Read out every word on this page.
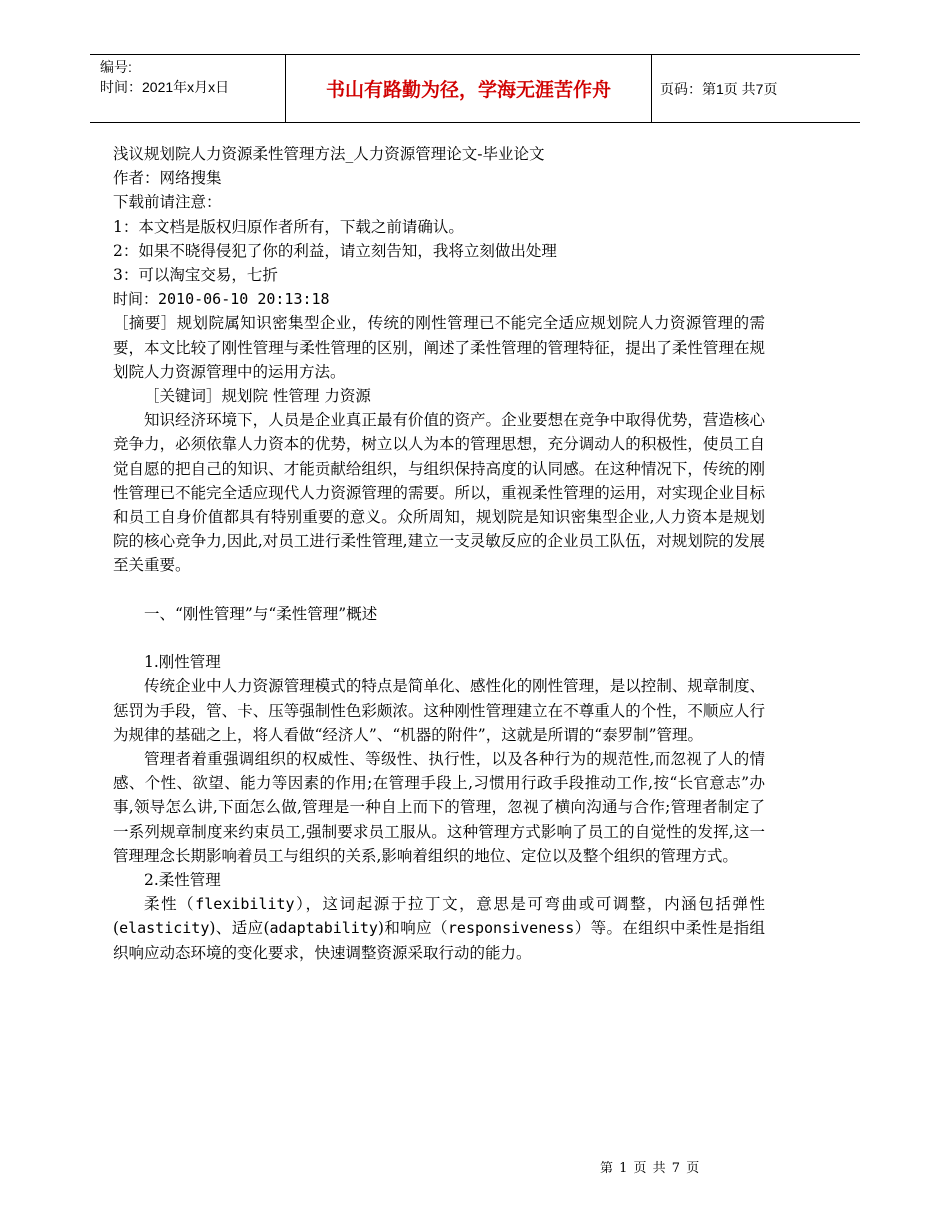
编号:
时间：2021年x月x日	书山有路勤为径，学海无涯苦作舟	页码：第1页 共7页

浅议规划院人力资源柔性管理方法_人力资源管理论文-毕业论文

作者：网络搜集

下载前请注意：

1：本文档是版权归原作者所有，下载之前请确认。

2：如果不晓得侵犯了你的利益，请立刻告知，我将立刻做出处理

3：可以淘宝交易，七折

时间：2010-06-10 20:13:18

［摘要］规划院属知识密集型企业，传统的刚性管理已不能完全适应规划院人力资源管理的需要，本文比较了刚性管理与柔性管理的区别，阐述了柔性管理的管理特征，提出了柔性管理在规划院人力资源管理中的运用方法。

［关键词］规划院 性管理 力资源

知识经济环境下，人员是企业真正最有价值的资产。企业要想在竞争中取得优势，营造核心竞争力，必须依靠人力资本的优势，树立以人为本的管理思想，充分调动人的积极性，使员工自觉自愿的把自己的知识、才能贡献给组织，与组织保持高度的认同感。在这种情况下，传统的刚性管理已不能完全适应现代人力资源管理的需要。所以，重视柔性管理的运用，对实现企业目标和员工自身价值都具有特别重要的意义。众所周知，规划院是知识密集型企业,人力资本是规划院的核心竞争力,因此,对员工进行柔性管理,建立一支灵敏反应的企业员工队伍，对规划院的发展至关重要。

一、“刚性管理”与“柔性管理”概述

1.刚性管理

传统企业中人力资源管理模式的特点是简单化、感性化的刚性管理，是以控制、规章制度、惩罚为手段，管、卡、压等强制性色彩颇浓。这种刚性管理建立在不尊重人的个性，不顺应人行为规律的基础之上，将人看做“经济人”、“机器的附件”，这就是所谓的“泰罗制”管理。

管理者着重强调组织的权威性、等级性、执行性，以及各种行为的规范性,而忽视了人的情感、个性、欲望、能力等因素的作用;在管理手段上,习惯用行政手段推动工作,按“长官意志”办事,领导怎么讲,下面怎么做,管理是一种自上而下的管理，忽视了横向沟通与合作;管理者制定了一系列规章制度来约束员工,强制要求员工服从。这种管理方式影响了员工的自觉性的发挥,这一管理理念长期影响着员工与组织的关系,影响着组织的地位、定位以及整个组织的管理方式。

2.柔性管理

柔性（flexibility），这词起源于拉丁文，意思是可弯曲或可调整，内涵包括弹性(elasticity)、适应(adaptability)和响应（responsiveness）等。在组织中柔性是指组织响应动态环境的变化要求，快速调整资源采取行动的能力。

第 1 页 共 7 页
